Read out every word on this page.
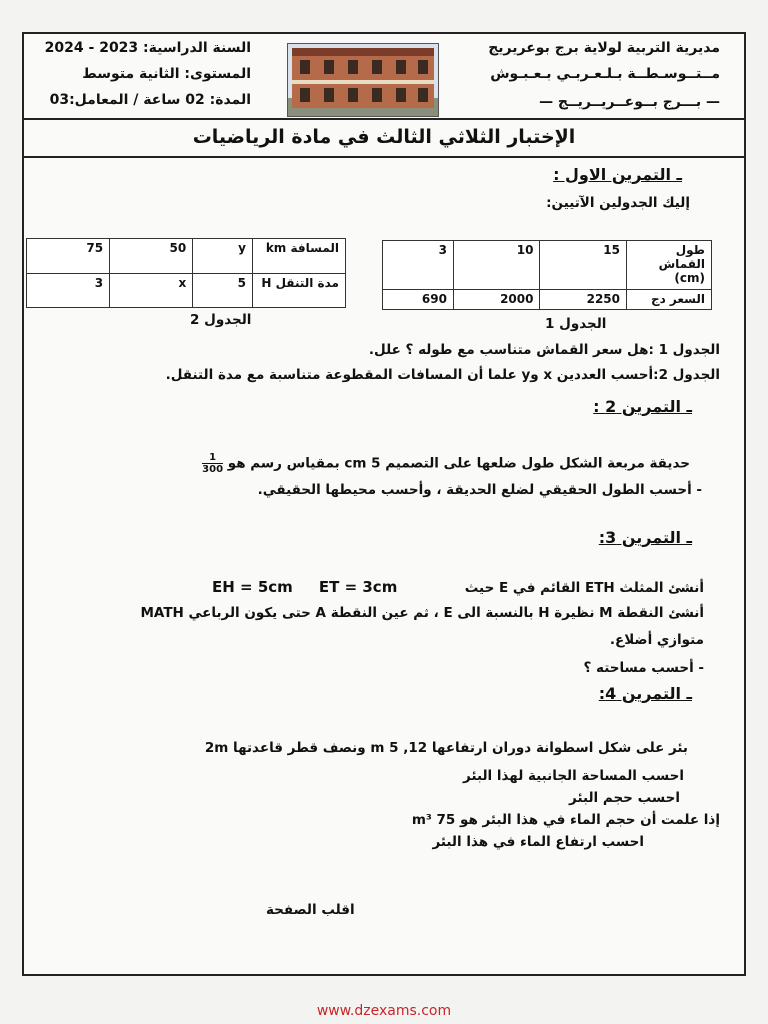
مديرية التربية لولاية برج بوعريريج
مــتــوسـطــة بـلـعـربـي بـعـبـوش
— بـــرج بــوعــريــريــج —
السنة الدراسية: 2023 - 2024
المستوى: الثانية متوسط
المدة: 02 ساعة / المعامل:03
الإختبار الثلاثي الثالث في مادة الرياضيات
ـ التمرين الاول :
إليك الجدولين الآتيين:
طول القماش (cm)	15	10	3
السعر دج	2250	2000	690
الجدول 1
المسافة km	y	50	75
مدة التنقل H	5	x	3
الجدول 2
الجدول 1 :هل سعر القماش متناسب مع طوله ؟ علل.
الجدول 2:أحسب العددين x وy علما أن المسافات المقطوعة متناسبة مع مدة التنقل.
ـ التمرين 2 :
حديقة مربعة الشكل طول ضلعها على التصميم 5 cm بمقياس رسم هو
$\frac{1}{300}$
- أحسب الطول الحقيقي لضلع الحديقة ، وأحسب محيطها الحقيقي.
ـ التمرين 3:
أنشئ المثلث ETH القائم في E حيث
EH = 5cm     ET = 3cm
أنشئ النقطة M نظيرة H بالنسبة الى E ، ثم عين النقطة A حتى يكون الرباعي MATH
متوازي أضلاع.
- أحسب مساحته ؟
ـ التمرين 4:
بئر على شكل اسطوانة دوران ارتفاعها 12, 5 m ونصف قطر قاعدتها 2m
احسب المساحة الجانبية لهذا البئر
احسب حجم البئر
إذا علمت أن حجم الماء في هذا البئر هو 75 m³
احسب ارتفاع الماء في هذا البئر
اقلب الصفحة
www.dzexams.com
